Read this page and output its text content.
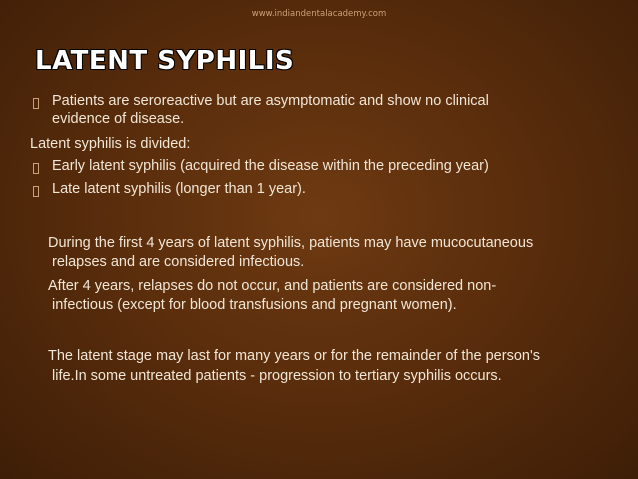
www.indiandentalacademy.com
LATENT SYPHILIS
Patients are seroreactive but are asymptomatic and show no clinical
evidence of disease.
Latent syphilis is divided:
Early latent syphilis (acquired the disease within the preceding year)
Late latent syphilis (longer than 1 year).
During the first 4 years of latent syphilis, patients may have mucocutaneous
relapses and are considered infectious.
After 4 years, relapses do not occur, and patients are considered non-
infectious (except for blood transfusions and pregnant women).
The latent stage may last for many years or for the remainder of the person's
life.In some untreated patients - progression to tertiary syphilis occurs.
